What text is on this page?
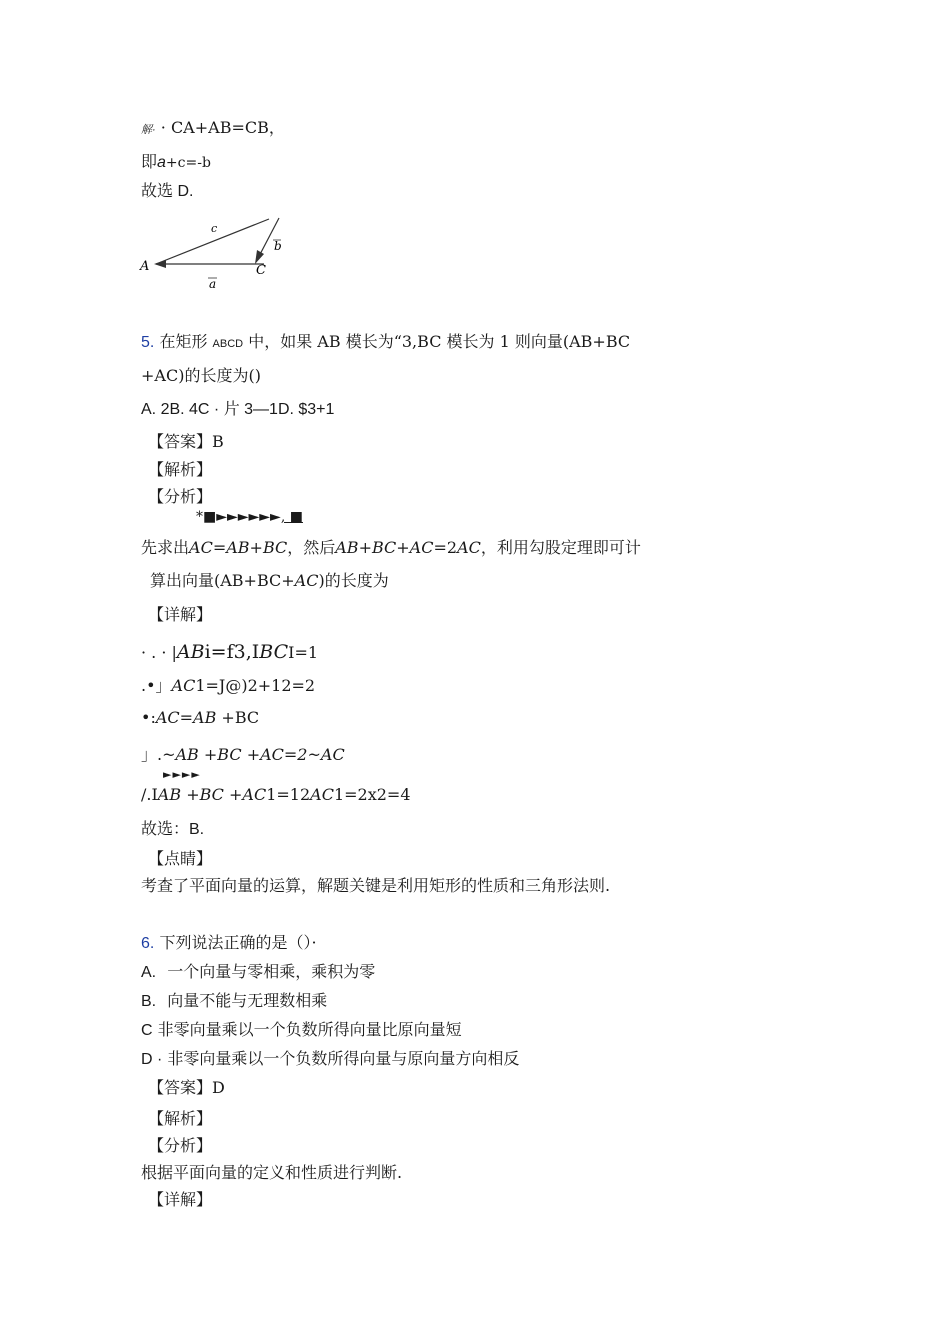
解· · CA+AB=CB，
即a+c=-b
故选 D.
A	C
a
b
c
5. 在矩形 ABCD 中，如果 AB 模长为“3,BC 模长为 1 则向量(AB+BC
+AC)的长度为()
A. 2B. 4C · 片 3—1D. $3+1
【答案】B
【解析】
【分析】
*■►►►►►►, ■
先求出AC=AB+BC，然后AB+BC+AC=2AC，利用勾股定理即可计
算出向量(AB+BC+AC)的长度为
【详解】
· . · |ABi=f3,IBCI=1
.•」AC1=J@)2+12=2
•:AC=AB +BC
」.~AB +BC +AC=2~AC
►►►►
/.IAB +BC +AC1=12AC1=2x2=4
故选：B.
【点睛】
考查了平面向量的运算，解题关键是利用矩形的性质和三角形法则.
6. 下列说法正确的是（）·
A. 一个向量与零相乘，乘积为零
B. 向量不能与无理数相乘
C 非零向量乘以一个负数所得向量比原向量短
D · 非零向量乘以一个负数所得向量与原向量方向相反
【答案】D
【解析】
【分析】
根据平面向量的定义和性质进行判断.
【详解】
